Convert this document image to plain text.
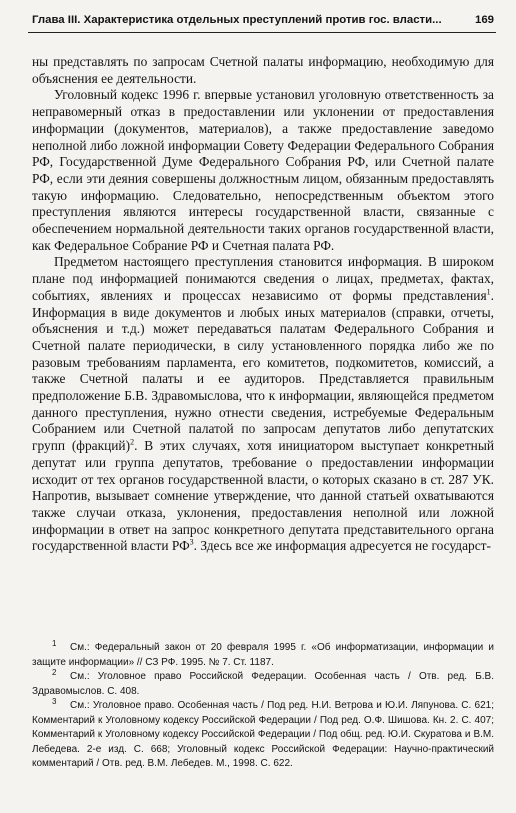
Глава III. Характеристика отдельных преступлений против гос. власти...	169

ны представлять по запросам Счетной палаты информацию, необходимую для объяснения ее деятельности.

Уголовный кодекс 1996 г. впервые установил уголовную ответственность за неправомерный отказ в предоставлении или уклонении от предоставления информации (документов, материалов), а также предоставление заведомо неполной либо ложной информации Совету Федерации Федерального Собрания РФ, Государственной Думе Федерального Собрания РФ, или Счетной палате РФ, если эти деяния совершены должностным лицом, обязанным предоставлять такую информацию. Следовательно, непосредственным объектом этого преступления являются интересы государственной власти, связанные с обеспечением нормальной деятельности таких органов государственной власти, как Федеральное Собрание РФ и Счетная палата РФ.

Предметом настоящего преступления становится информация. В широком плане под информацией понимаются сведения о лицах, предметах, фактах, событиях, явлениях и процессах независимо от формы представления$^1$. Информация в виде документов и любых иных материалов (справки, отчеты, объяснения и т.д.) может передаваться палатам Федерального Собрания и Счетной палате периодически, в силу установленного порядка либо же по разовым требованиям парламента, его комитетов, подкомитетов, комиссий, а также Счетной палаты и ее аудиторов. Представляется правильным предположение Б.В. Здравомыслова, что к информации, являющейся предметом данного преступления, нужно отнести сведения, истребуемые Федеральным Собранием или Счетной палатой по запросам депутатов либо депутатских групп (фракций)$^2$. В этих случаях, хотя инициатором выступает конкретный депутат или группа депутатов, требование о предоставлении информации исходит от тех органов государственной власти, о которых сказано в ст. 287 УК. Напротив, вызывает сомнение утверждение, что данной статьей охватываются также случаи отказа, уклонения, предоставления неполной или ложной информации в ответ на запрос конкретного депутата представительного органа государственной власти $РФ^3$. Здесь все же информация адресуется не государст-

1 См.: Федеральный закон от 20 февраля 1995 г. «Об информатизации, информации и защите информации» // СЗ РФ. 1995. № 7. Ст. 1187.

2 См.: Уголовное право Российской Федерации. Особенная часть / Отв. ред. Б.В. Здравомыслов. С. 408.

3 См.: Уголовное право. Особенная часть / Под ред. Н.И. Ветрова и Ю.И. Ляпунова. С. 621; Комментарий к Уголовному кодексу Российской Федерации / Под ред. О.Ф. Шишова. Кн. 2. С. 407; Комментарий к Уголовному кодексу Российской Федерации / Под общ. ред. Ю.И. Скуратова и В.М. Лебедева. 2-е изд. С. 668; Уголовный кодекс Российской Федерации: Научно-практический комментарий / Отв. ред. В.М. Лебедев. М., 1998. С. 622.
